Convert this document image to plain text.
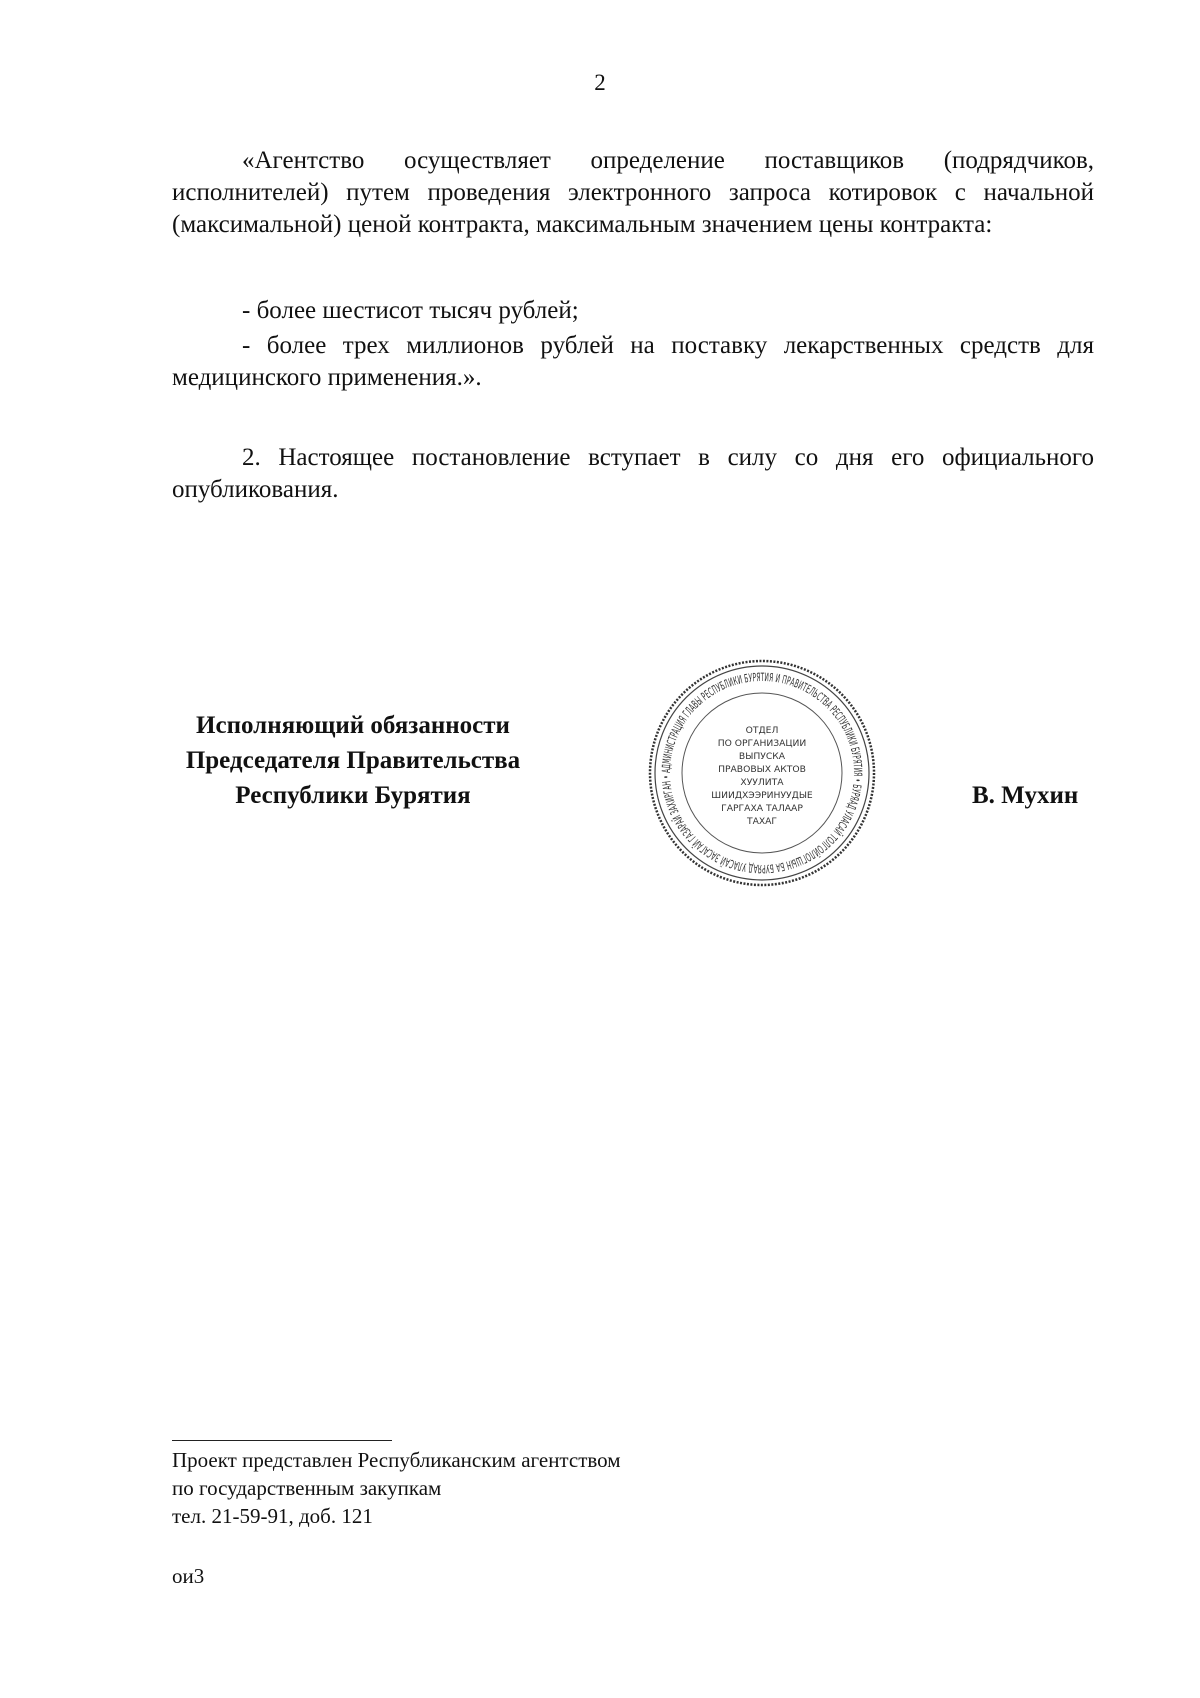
2

«Агентство осуществляет определение поставщиков (подрядчиков, исполнителей) путем проведения электронного запроса котировок с начальной (максимальной) ценой контракта, максимальным значением цены контракта:

- более шестисот тысяч рублей;

- более трех миллионов рублей на поставку лекарственных средств для медицинского применения.».

2. Настоящее постановление вступает в силу со дня его официального опубликования.

Исполняющий обязанности
Председателя Правительства
Республики Бурятия
АДМИНИСТРАЦИЯ ГЛАВЫ РЕСПУБЛИКИ БУРЯТИЯ И ПРАВИТЕЛЬСТВА РЕСПУБЛИКИ БУРЯТИЯ • БУРЯАД УЛАСАЙ ТОЛГОЙЛОГШЫН БА БУРЯАД УЛАСАЙ ЗАСАГАЙ ГАЗАРАЙ ЗАХИРГАН •
ОТДЕЛ
ПО ОРГАНИЗАЦИИ
ВЫПУСКА
ПРАВОВЫХ АКТОВ
ХУУЛИТА
ШИИДХЭЭРИНУУДЫЕ
ГАРГАХА ТАЛААР
ТАХАГ
В. Мухин
Проект представлен Республиканским агентством
по государственным закупкам
тел. 21-59-91, доб. 121
ои3
